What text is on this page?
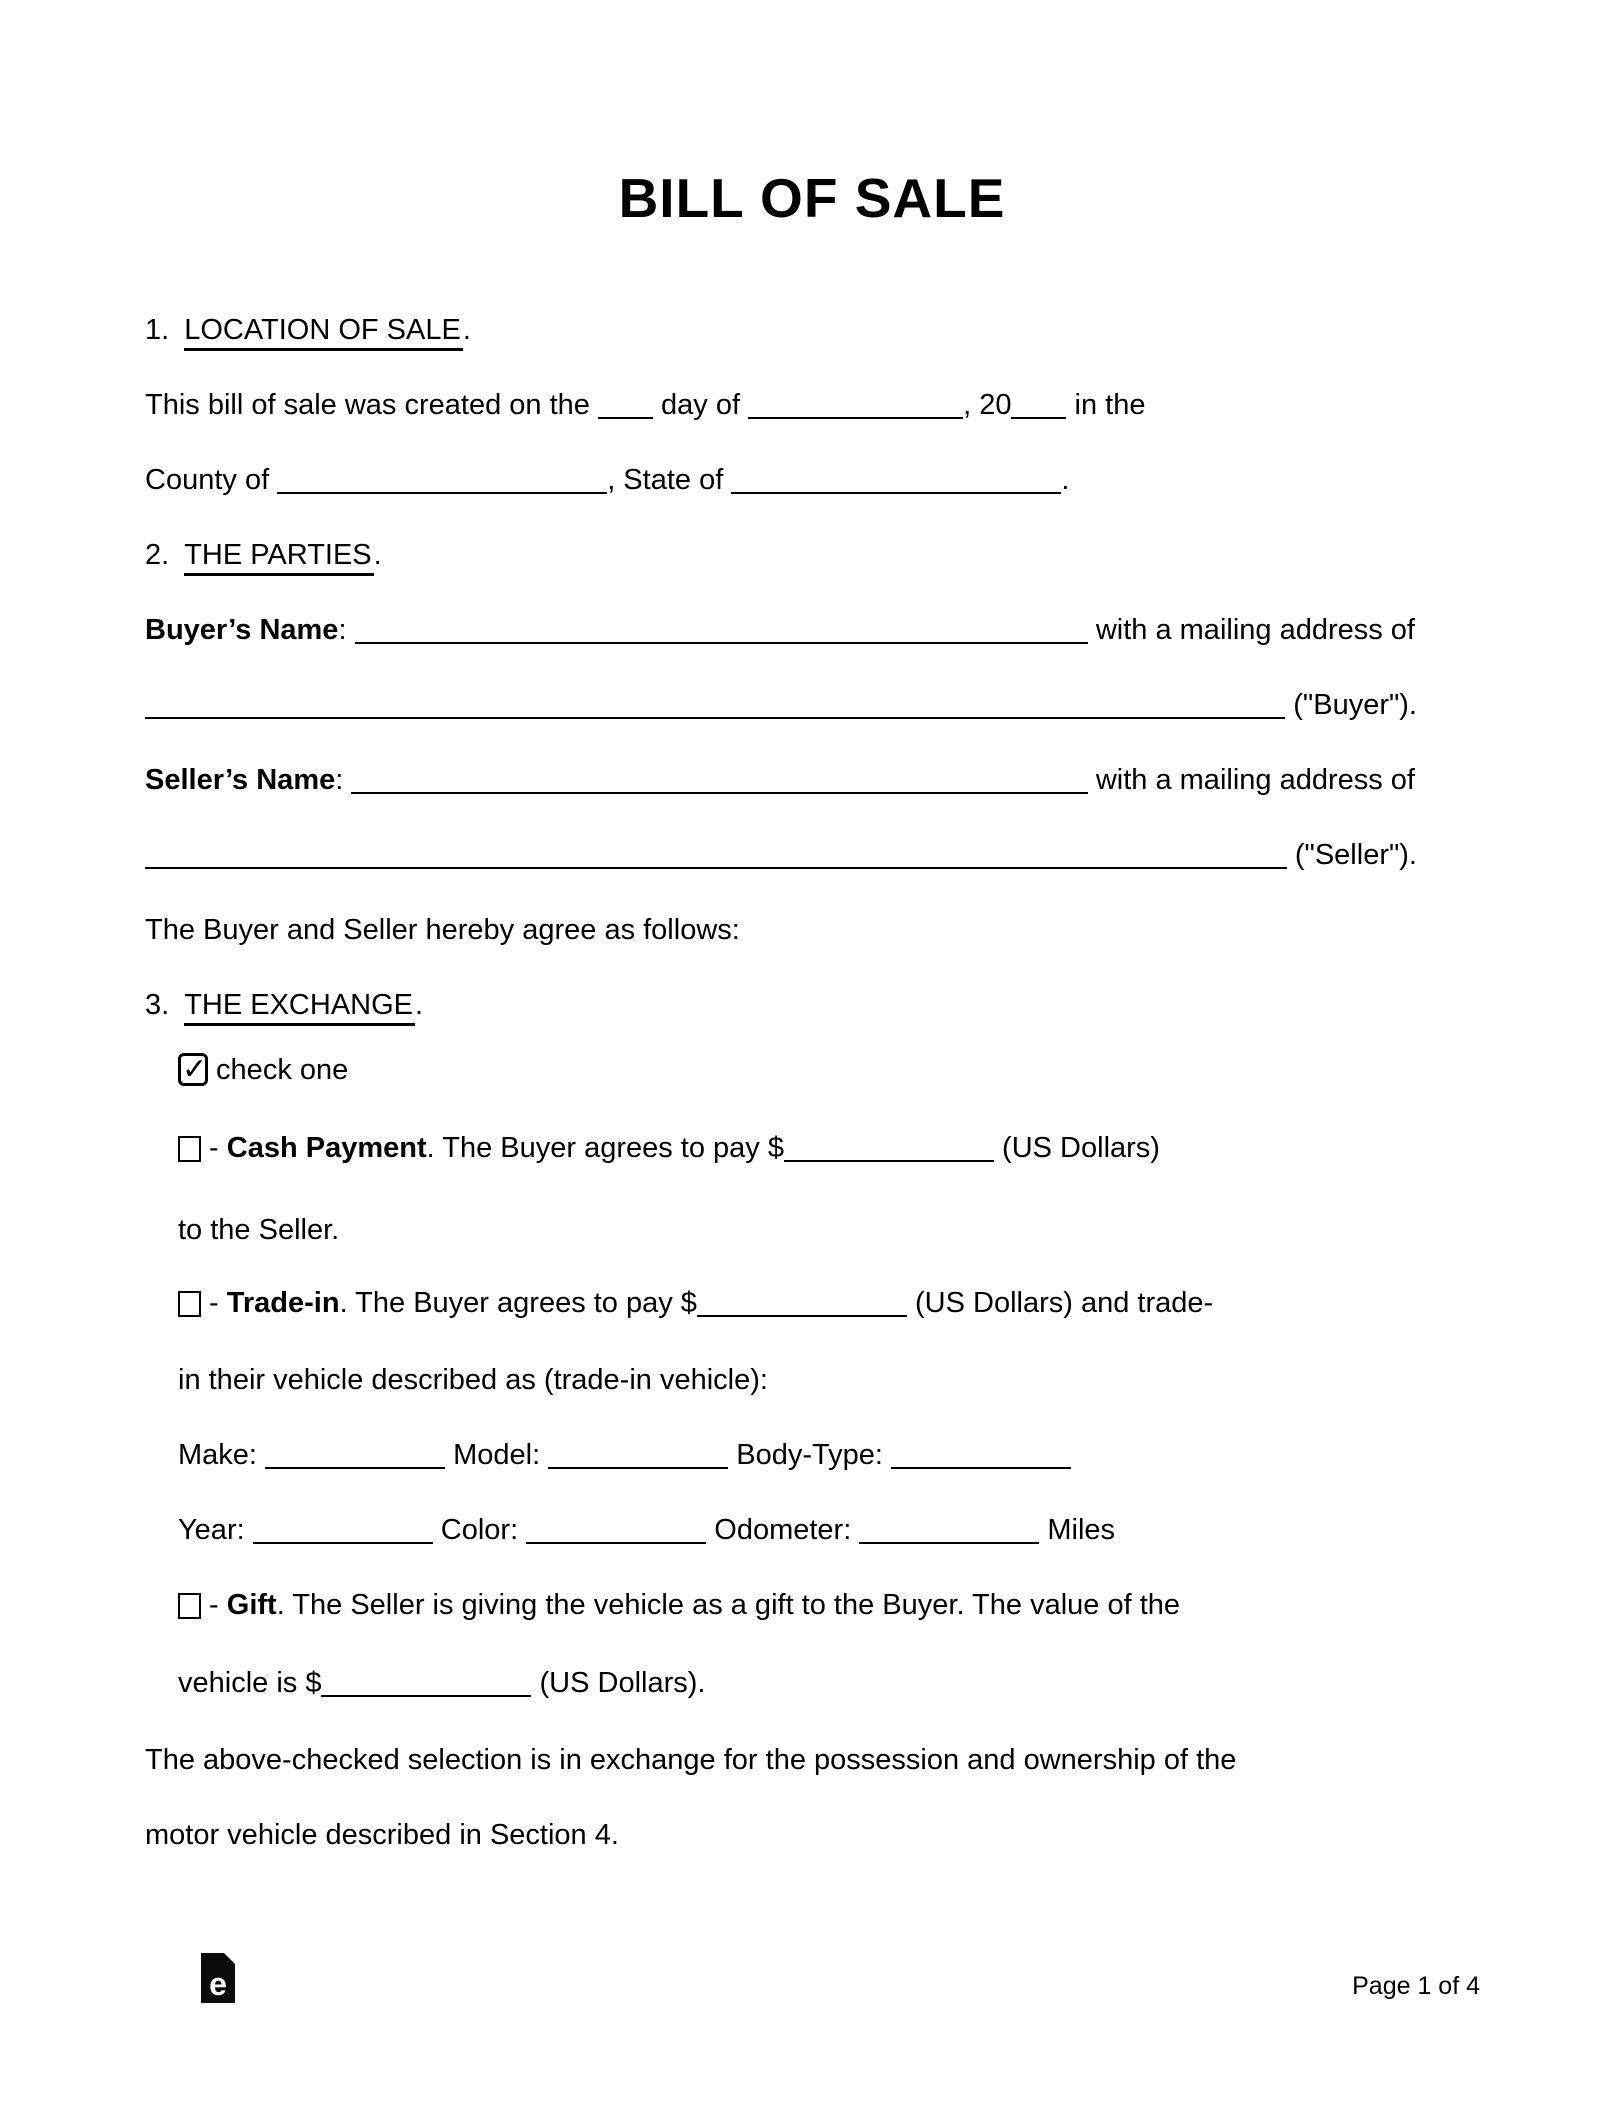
BILL OF SALE
1. LOCATION OF SALE .
This bill of sale was created on the day of	, 20 in the
County of	, State of	.
2. THE PARTIES .
Buyer’s Name :	with a mailing address of
("Buyer").
Seller’s Name :	with a mailing address of
("Seller").
The Buyer and Seller hereby agree as follows:
3. THE EXCHANGE .
✓ check one
- Cash Payment . The Buyer agrees to pay $	(US Dollars)
to the Seller.
- Trade-in . The Buyer agrees to pay $	(US Dollars) and trade-
in their vehicle described as (trade-in vehicle):
Make:	Model:	Body-Type:
Year:	Color:	Odometer:	Miles
- Gift . The Seller is giving the vehicle as a gift to the Buyer. The value of the
vehicle is $	(US Dollars).
The above-checked selection is in exchange for the possession and ownership of the
motor vehicle described in Section 4.
e	Page 1 of 4
